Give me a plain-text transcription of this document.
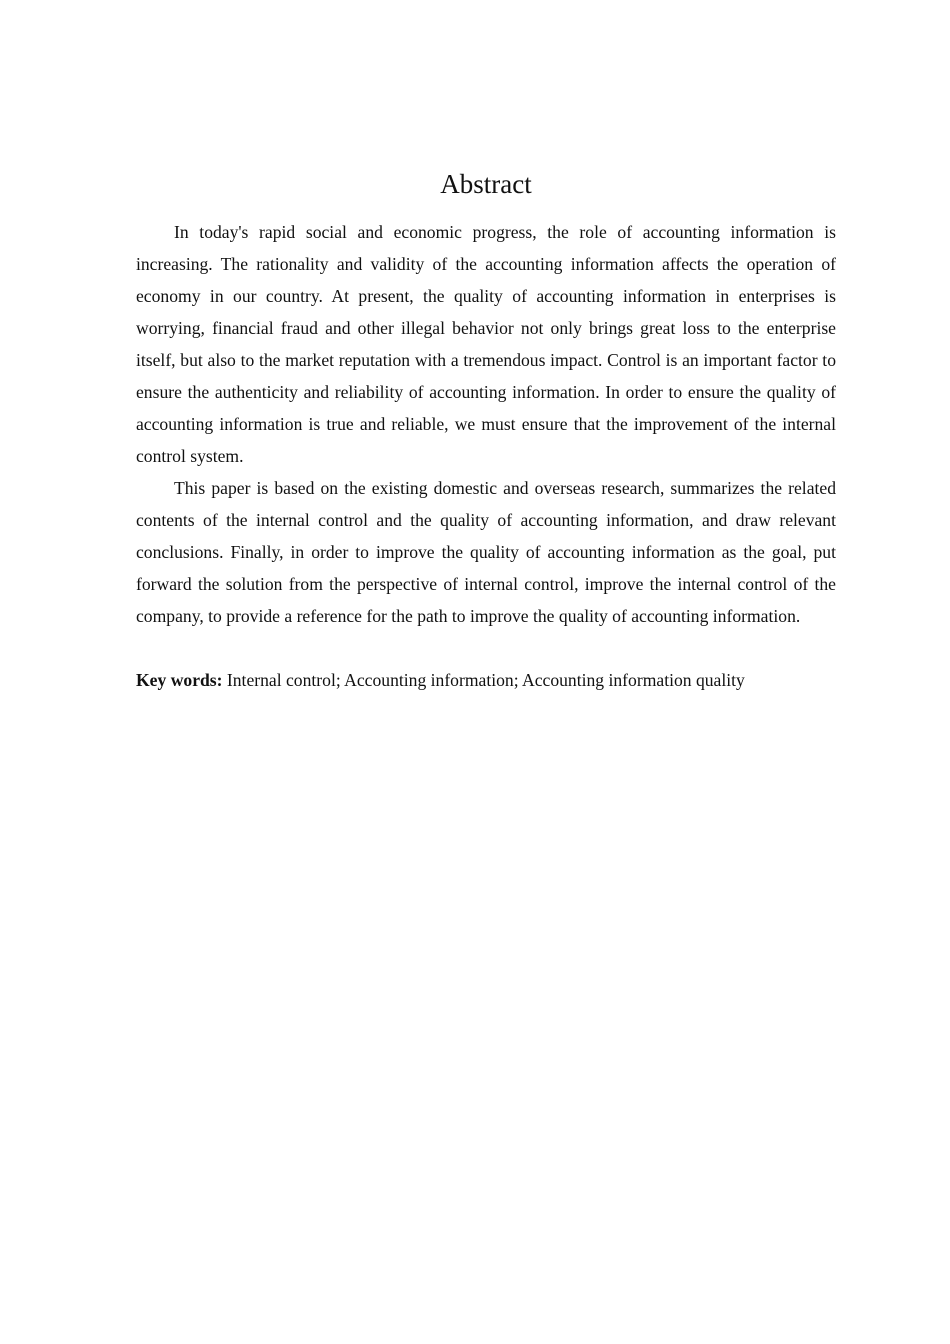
Abstract

In today's rapid social and economic progress, the role of accounting information is increasing. The rationality and validity of the accounting information affects the operation of economy in our country. At present, the quality of accounting information in enterprises is worrying, financial fraud and other illegal behavior not only brings great loss to the enterprise itself, but also to the market reputation with a tremendous impact. Control is an important factor to ensure the authenticity and reliability of accounting information. In order to ensure the quality of accounting information is true and reliable, we must ensure that the improvement of the internal control system.

This paper is based on the existing domestic and overseas research, summarizes the related contents of the internal control and the quality of accounting information, and draw relevant conclusions. Finally, in order to improve the quality of accounting information as the goal, put forward the solution from the perspective of internal control, improve the internal control of the company, to provide a reference for the path to improve the quality of accounting information.

Key words: Internal control; Accounting information; Accounting information quality
